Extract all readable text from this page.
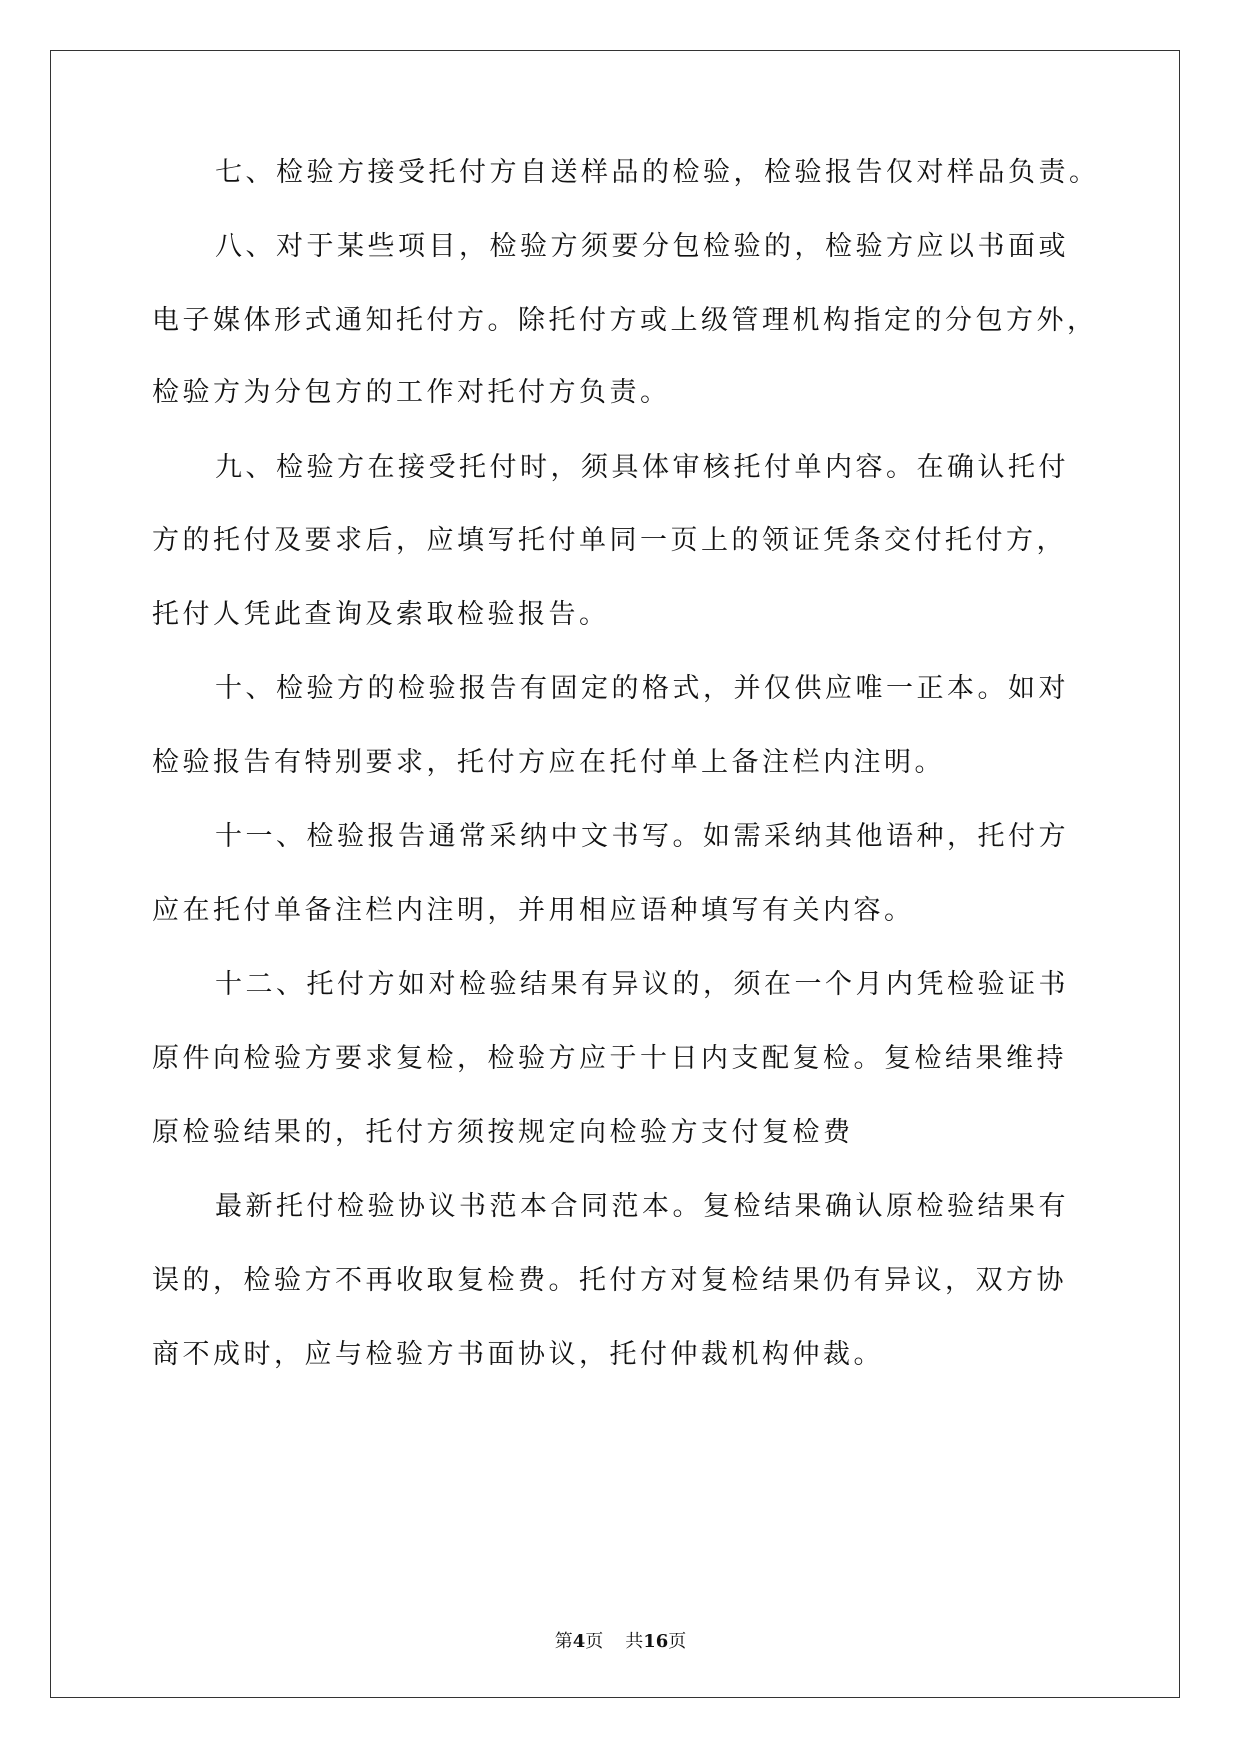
七、检验方接受托付方自送样品的检验，检验报告仅对样品负责。
八、对于某些项目，检验方须要分包检验的，检验方应以书面或
电子媒体形式通知托付方。除托付方或上级管理机构指定的分包方外，
检验方为分包方的工作对托付方负责。
九、检验方在接受托付时，须具体审核托付单内容。在确认托付
方的托付及要求后，应填写托付单同一页上的领证凭条交付托付方，
托付人凭此查询及索取检验报告。
十、检验方的检验报告有固定的格式，并仅供应唯一正本。如对
检验报告有特别要求，托付方应在托付单上备注栏内注明。
十一、检验报告通常采纳中文书写。如需采纳其他语种，托付方
应在托付单备注栏内注明，并用相应语种填写有关内容。
十二、托付方如对检验结果有异议的，须在一个月内凭检验证书
原件向检验方要求复检，检验方应于十日内支配复检。复检结果维持
原检验结果的，托付方须按规定向检验方支付复检费
最新托付检验协议书范本合同范本。复检结果确认原检验结果有
误的，检验方不再收取复检费。托付方对复检结果仍有异议，双方协
商不成时，应与检验方书面协议，托付仲裁机构仲裁。
第4页 共16页
